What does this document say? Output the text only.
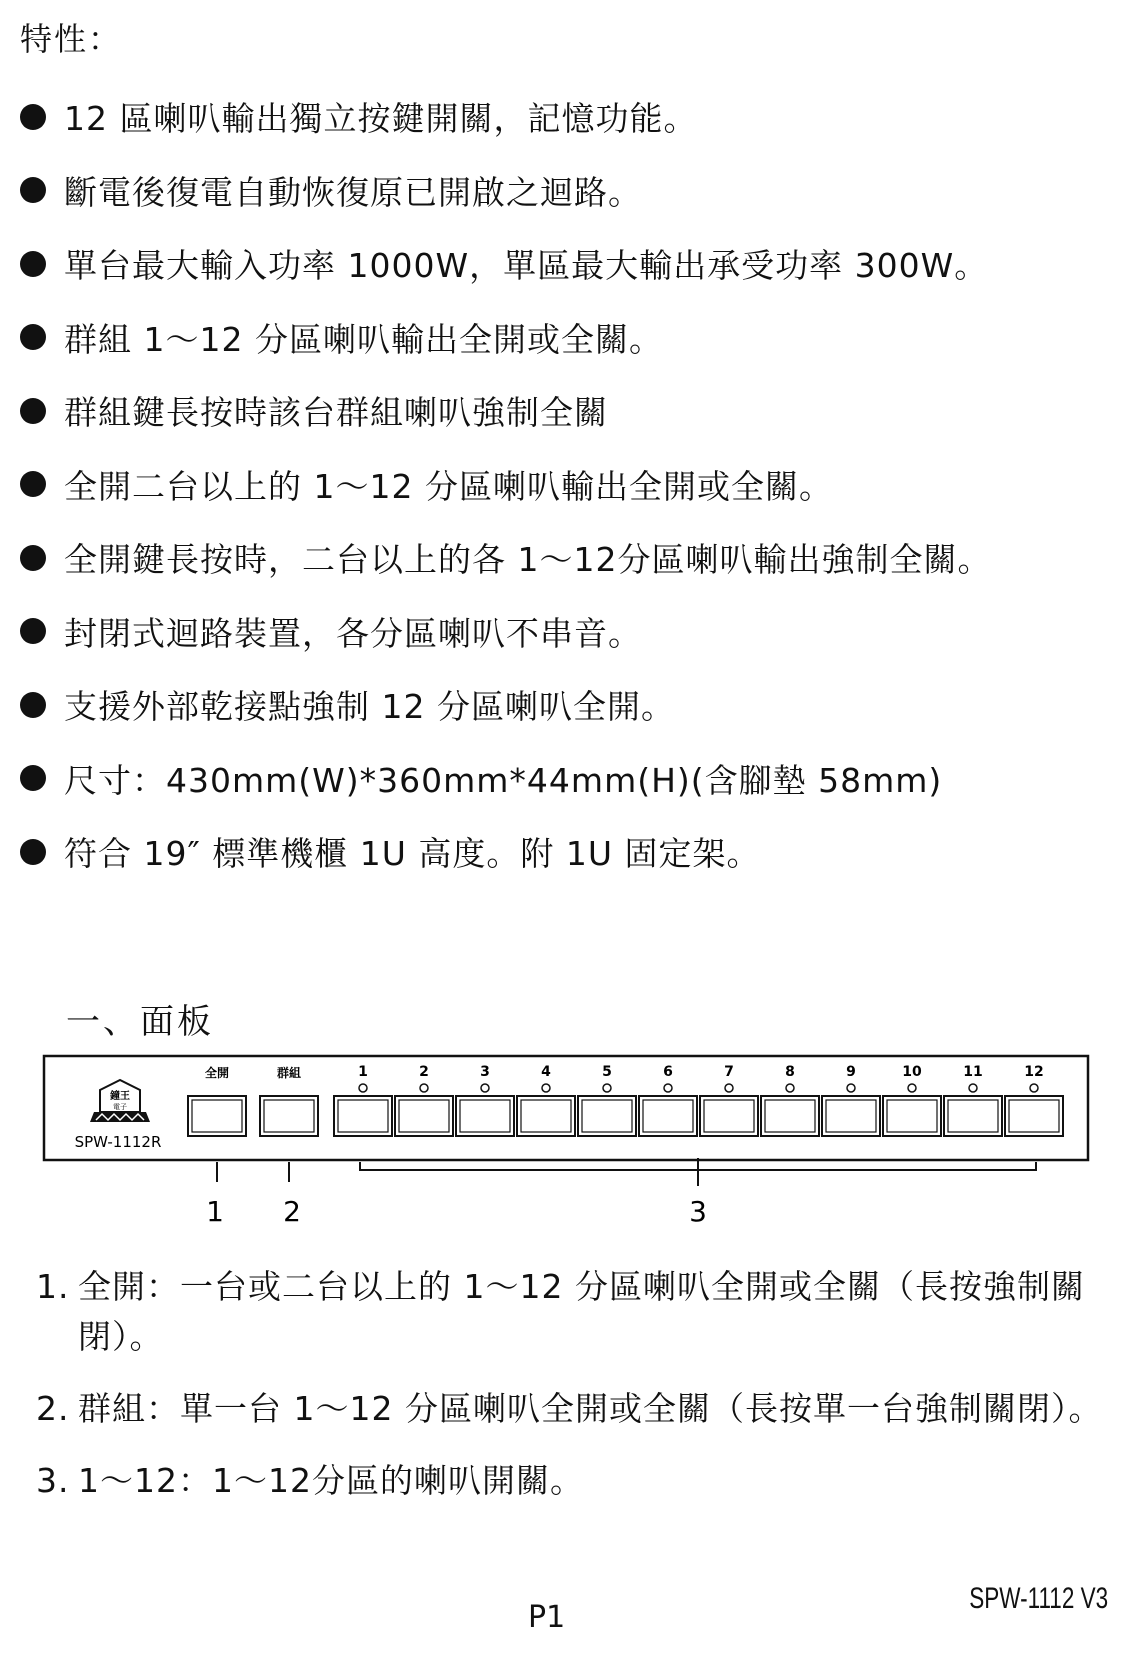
特性：
12 區喇叭輸出獨立按鍵開關，記憶功能。
斷電後復電自動恢復原已開啟之迴路。
單台最大輸入功率 1000W，單區最大輸出承受功率 300W。
群組 1～12 分區喇叭輸出全開或全關。
群組鍵長按時該台群組喇叭強制全關
全開二台以上的 1～12 分區喇叭輸出全開或全關。
全開鍵長按時，二台以上的各 1～12分區喇叭輸出強制全關。
封閉式迴路裝置，各分區喇叭不串音。
支援外部乾接點強制 12 分區喇叭全開。
尺寸：430mm(W)*360mm*44mm(H)(含腳墊 58mm)
符合 19″ 標準機櫃 1U 高度。附 1U 固定架。
一、面板
鐘王
電子
SPW-1112R
全開	群組	1	2	3	4	5	6	7	8	9	10	11	12
1 2	3
1. 全開：一台或二台以上的 1～12 分區喇叭全開或全關（長按強制關閉）。
2. 群組：單一台 1～12 分區喇叭全開或全關（長按單一台強制關閉）。
3. 1～12：1～12分區的喇叭開關。
P1
SPW-1112 V3
